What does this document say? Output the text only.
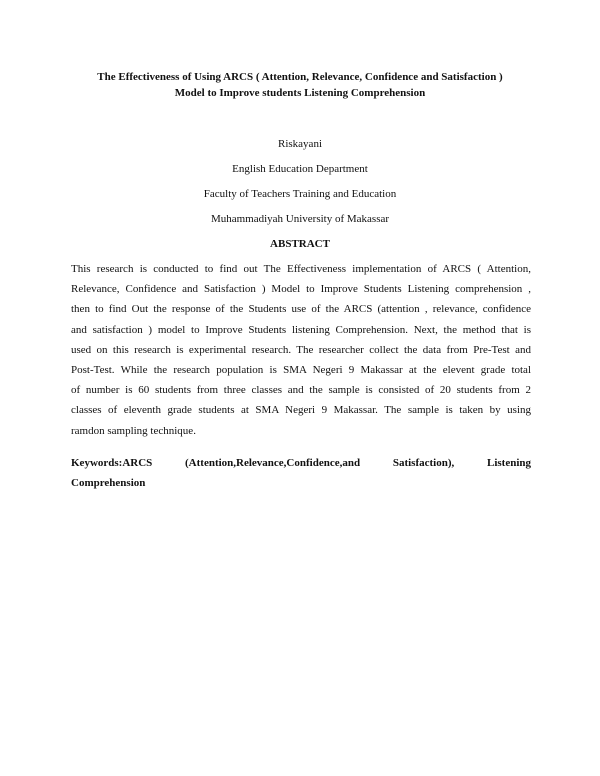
The Effectiveness of Using ARCS ( Attention, Relevance, Confidence and Satisfaction )
Model to Improve students Listening Comprehension
Riskayani
English Education Department
Faculty of Teachers Training and Education
Muhammadiyah University of Makassar
ABSTRACT
This research is conducted to find out The Effectiveness implementation of ARCS ( Attention,
Relevance, Confidence and Satisfaction ) Model to Improve Students Listening comprehension ,
then to find Out the response of the Students use of the ARCS (attention , relevance, confidence
and satisfaction ) model to Improve Students listening Comprehension. Next, the method that is
used on this research is experimental research. The researcher collect the data from Pre-Test and
Post-Test. While the research population is SMA Negeri 9 Makassar at the elevent grade total
of number is 60 students from three classes and the sample is consisted of 20 students from 2
classes of eleventh grade students at SMA Negeri 9 Makassar. The sample is taken by using
ramdon sampling technique.
Keywords:ARCS (Attention,Relevance,Confidence,and Satisfaction), Listening
Comprehension
